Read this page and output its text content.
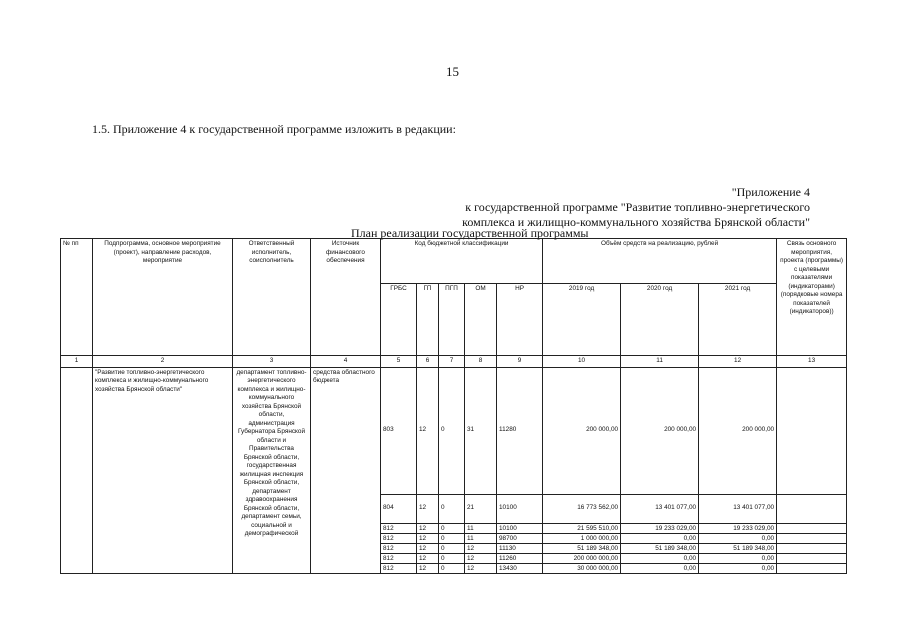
15
1.5. Приложение 4 к государственной программе изложить в редакции:
"Приложение 4
к государственной программе "Развитие топливно-энергетического
комплекса и жилищно-коммунального хозяйства Брянской области"
План реализации государственной программы
№ пп	Подпрограмма, основное мероприятие (проект), направление расходов, мероприятие	Ответственный исполнитель, соисполнитель	Источник финансового обеспечения	Код бюджетной классификации					Объём средств на реализацию, рублей			Связь основного мероприятия, проекта (программы) с целевыми показателями (индикаторами) (порядковые номера показателей (индикаторов))
				ГРБС	ГП	ПГП	ОМ	НР	2019 год	2020 год	2021 год	
1	2	3	4	5	6	7	8	9	10	11	12	13
	"Развитие топливно-энергетического комплекса и жилищно-коммунального хозяйства Брянской области"	департамент топливно-энергетического комплекса и жилищно-коммунального хозяйства Брянской области, администрация Губернатора Брянской области и Правительства Брянской области, государственная жилищная инспекция Брянской области, департамент здравоохранения Брянской области, департамент семьи, социальной и демографической	средства областного бюджета	803	12	0	31	11280	200 000,00	200 000,00	200 000,00	
				804	12	0	21	10100	16 773 562,00	13 401 077,00	13 401 077,00	
				812	12	0	11	10100	21 595 510,00	19 233 029,00	19 233 029,00	
				812	12	0	11	98700	1 000 000,00	0,00	0,00	
				812	12	0	12	11130	51 189 348,00	51 189 348,00	51 189 348,00	
				812	12	0	12	11260	200 000 000,00	0,00	0,00	
				812	12	0	12	13430	30 000 000,00	0,00	0,00	
